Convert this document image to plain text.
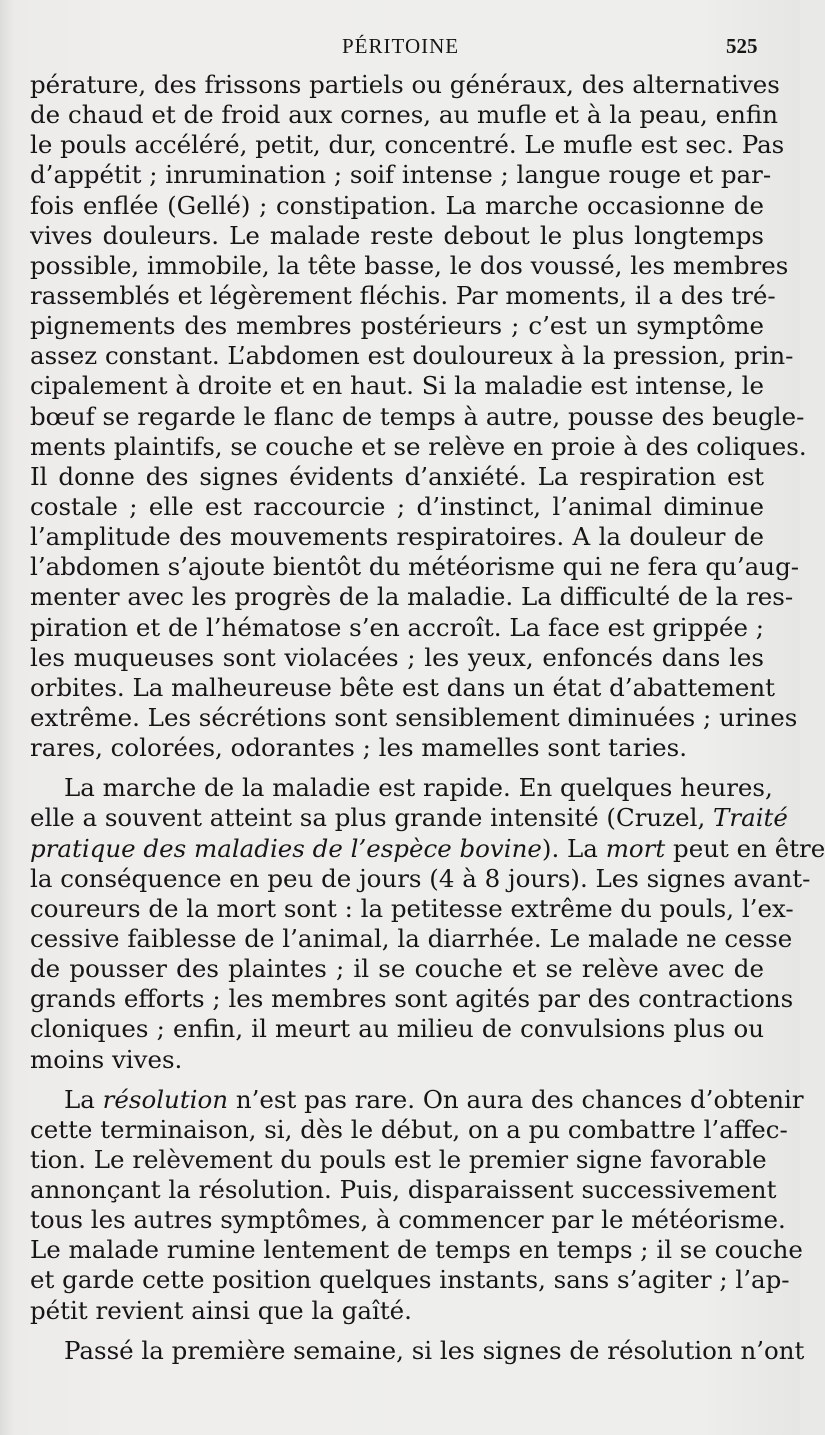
PÉRITOINE	525
pérature, des frissons partiels ou généraux, des alternatives
de chaud et de froid aux cornes, au mufle et à la peau, enfin
le pouls accéléré, petit, dur, concentré. Le mufle est sec. Pas
d’appétit ; inrumination ; soif intense ; langue rouge et par-
fois enflée (Gellé) ; constipation. La marche occasionne de
vives douleurs. Le malade reste debout le plus longtemps
possible, immobile, la tête basse, le dos voussé, les membres
rassemblés et légèrement fléchis. Par moments, il a des tré-
pignements des membres postérieurs ; c’est un symptôme
assez constant. L’abdomen est douloureux à la pression, prin-
cipalement à droite et en haut. Si la maladie est intense, le
bœuf se regarde le flanc de temps à autre, pousse des beugle-
ments plaintifs, se couche et se relève en proie à des coliques.
Il donne des signes évidents d’anxiété. La respiration est
costale ; elle est raccourcie ; d’instinct, l’animal diminue
l’amplitude des mouvements respiratoires. A la douleur de
l’abdomen s’ajoute bientôt du météorisme qui ne fera qu’aug-
menter avec les progrès de la maladie. La difficulté de la res-
piration et de l’hématose s’en accroît. La face est grippée ;
les muqueuses sont violacées ; les yeux, enfoncés dans les
orbites. La malheureuse bête est dans un état d’abattement
extrême. Les sécrétions sont sensiblement diminuées ; urines
rares, colorées, odorantes ; les mamelles sont taries.
La marche de la maladie est rapide. En quelques heures,
elle a souvent atteint sa plus grande intensité (Cruzel, Traité
pratique des maladies de l’espèce bovine). La mort peut en être
la conséquence en peu de jours (4 à 8 jours). Les signes avant-
coureurs de la mort sont : la petitesse extrême du pouls, l’ex-
cessive faiblesse de l’animal, la diarrhée. Le malade ne cesse
de pousser des plaintes ; il se couche et se relève avec de
grands efforts ; les membres sont agités par des contractions
cloniques ; enfin, il meurt au milieu de convulsions plus ou
moins vives.
La résolution n’est pas rare. On aura des chances d’obtenir
cette terminaison, si, dès le début, on a pu combattre l’affec-
tion. Le relèvement du pouls est le premier signe favorable
annonçant la résolution. Puis, disparaissent successivement
tous les autres symptômes, à commencer par le météorisme.
Le malade rumine lentement de temps en temps ; il se couche
et garde cette position quelques instants, sans s’agiter ; l’ap-
pétit revient ainsi que la gaîté.
Passé la première semaine, si les signes de résolution n’ont
